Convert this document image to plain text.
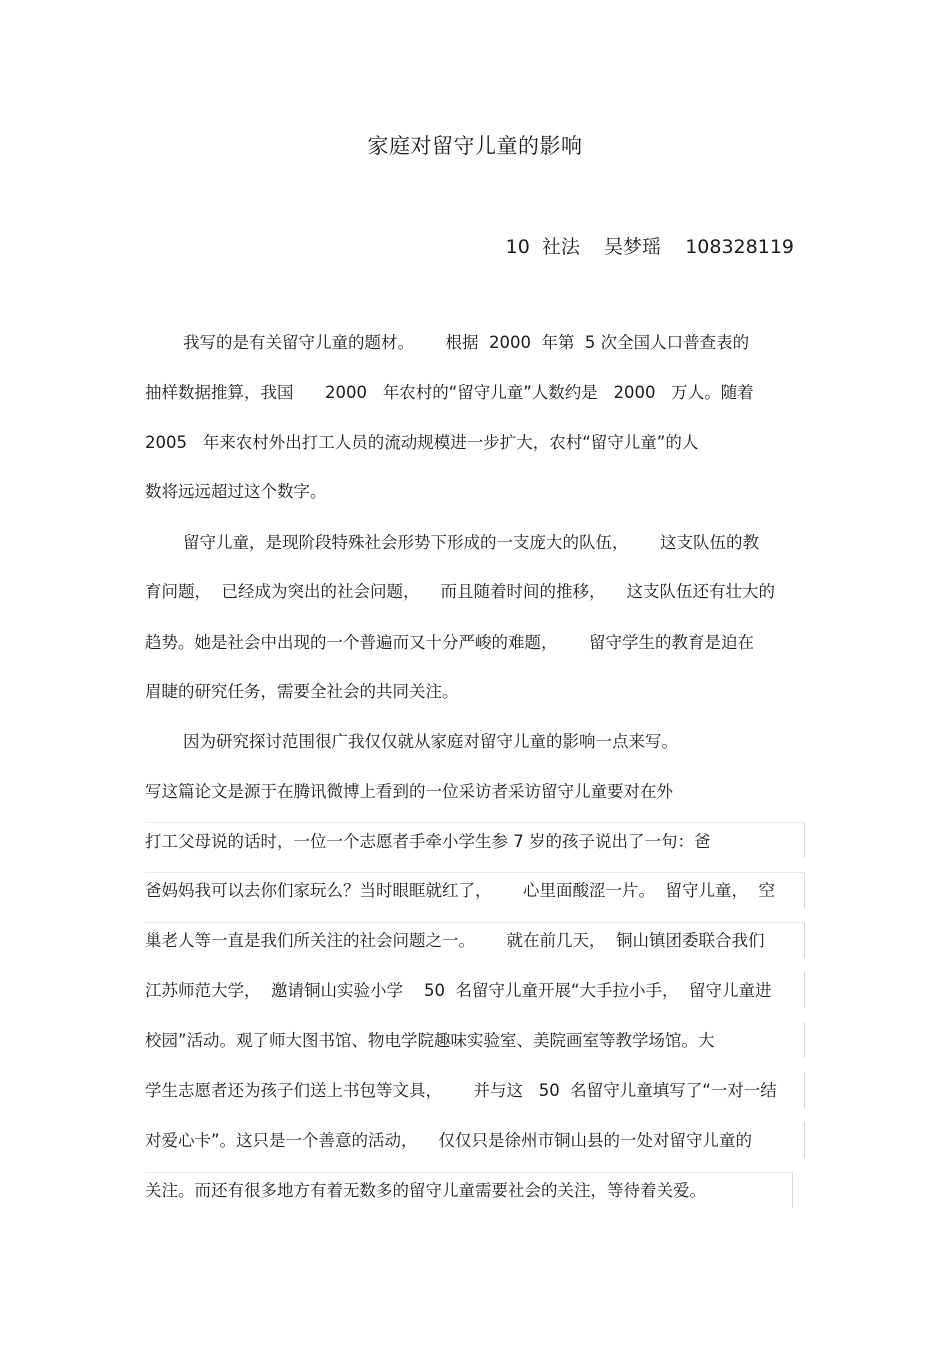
家庭对留守儿童的影响
10  社法    吴梦瑶    108328119
我写的是有关留守儿童的题材。      根据  2000  年第  5 次全国人口普查表的
抽样数据推算，我国      2000   年农村的“留守儿童”人数约是   2000   万人。随着
2005   年来农村外出打工人员的流动规模进一步扩大，农村“留守儿童”的人
数将远远超过这个数字。
留守儿童，是现阶段特殊社会形势下形成的一支庞大的队伍，      这支队伍的教
育问题，  已经成为突出的社会问题，    而且随着时间的推移，    这支队伍还有壮大的
趋势。她是社会中出现的一个普遍而又十分严峻的难题，      留守学生的教育是迫在
眉睫的研究任务，需要全社会的共同关注。
因为研究探讨范围很广我仅仅就从家庭对留守儿童的影响一点来写。
写这篇论文是源于在腾讯微博上看到的一位采访者采访留守儿童要对在外
打工父母说的话时，一位一个志愿者手牵小学生参 7 岁的孩子说出了一句：爸
爸妈妈我可以去你们家玩么？当时眼眶就红了，      心里面酸涩一片。  留守儿童，  空
巢老人等一直是我们所关注的社会问题之一。      就在前几天，  铜山镇团委联合我们
江苏师范大学，  邀请铜山实验小学    50  名留守儿童开展“大手拉小手，  留守儿童进
校园”活动。观了师大图书馆、物电学院趣味实验室、美院画室等教学场馆。大
学生志愿者还为孩子们送上书包等文具，      并与这   50  名留守儿童填写了“一对一结
对爱心卡”。这只是一个善意的活动，    仅仅只是徐州市铜山县的一处对留守儿童的
关注。而还有很多地方有着无数多的留守儿童需要社会的关注，等待着关爱。
